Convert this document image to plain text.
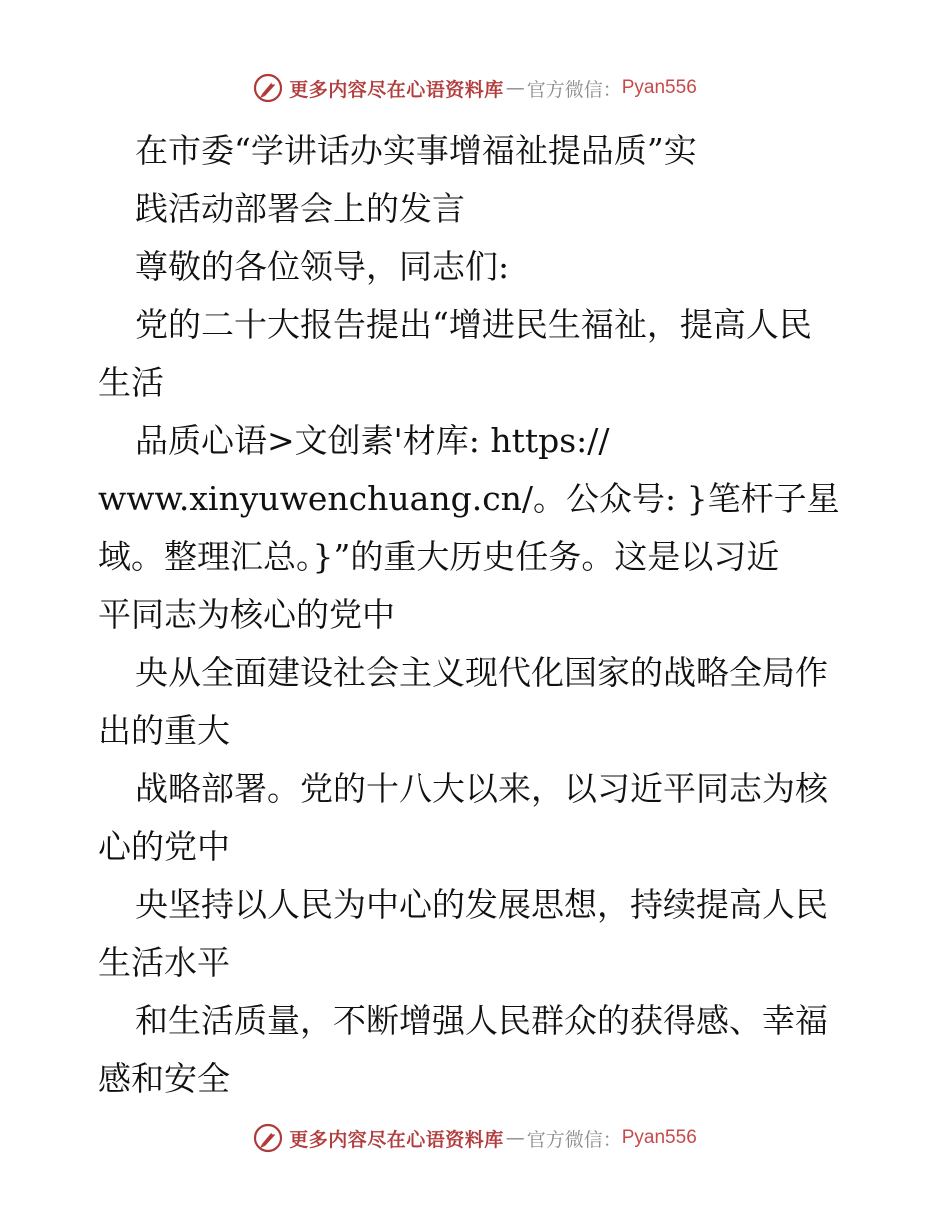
更多内容尽在心语资料库 — 官方微信： Pyan556
在市委“学讲话办实事增福祉提品质”实
践活动部署会上的发言
尊敬的各位领导，同志们:
党的二十大报告提出“增进民生福祉，提高人民
生活
品质心语>文创素'材库: https://
www.xinyuwenchuang.cn/。公众号: }笔杆子星
域。整理汇总。}”的重大历史任务。这是以习近
平同志为核心的党中
央从全面建设社会主义现代化国家的战略全局作
出的重大
战略部署。党的十八大以来，以习近平同志为核
心的党中
央坚持以人民为中心的发展思想，持续提高人民
生活水平
和生活质量，不断增强人民群众的获得感、幸福
感和安全
更多内容尽在心语资料库 — 官方微信： Pyan556
